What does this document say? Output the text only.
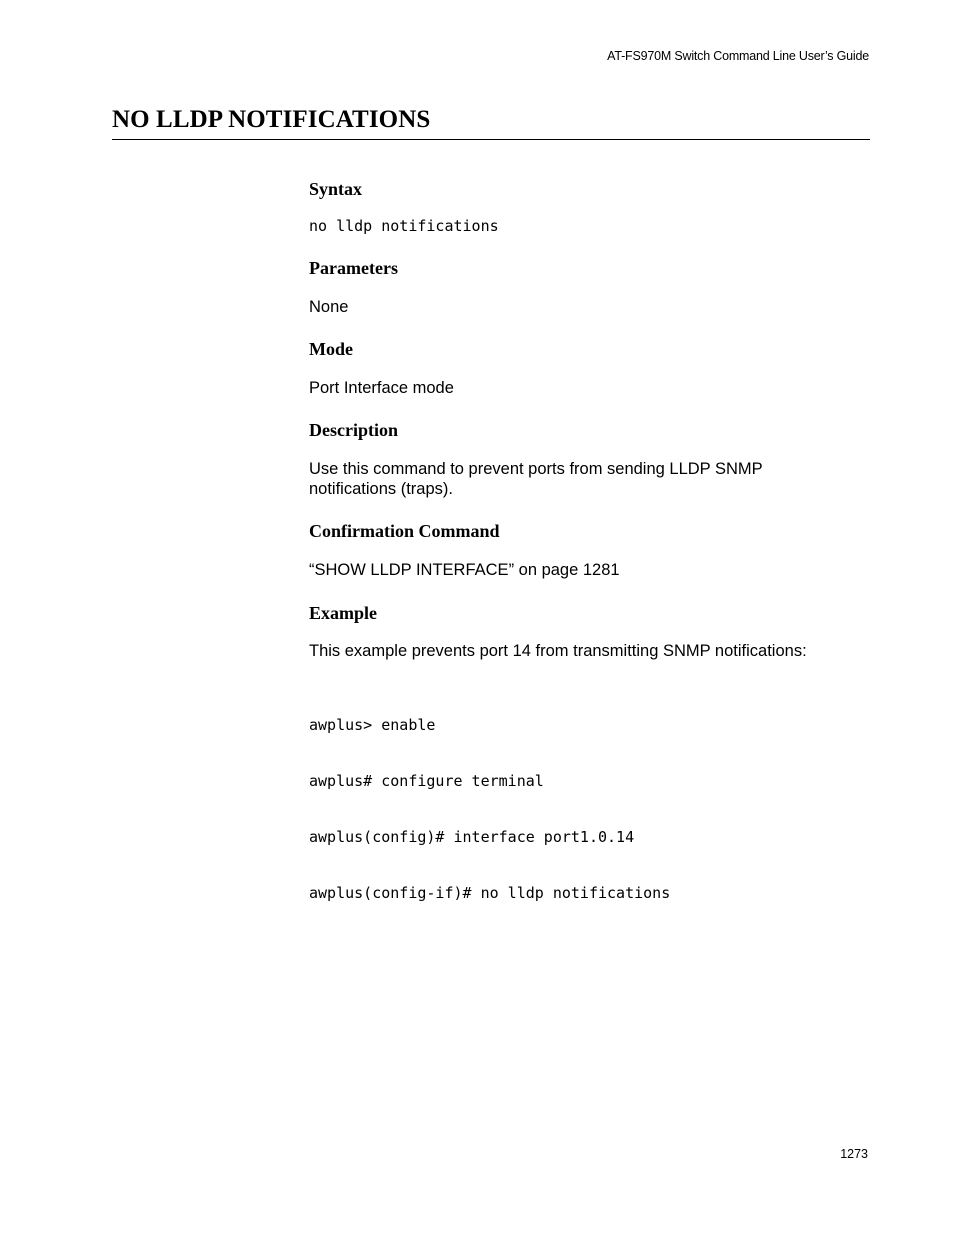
AT-FS970M Switch Command Line User’s Guide
NO LLDP NOTIFICATIONS
Syntax
no lldp notifications
Parameters

None

Mode

Port Interface mode

Description

Use this command to prevent ports from sending LLDP SNMP notifications (traps).

Confirmation Command

“SHOW LLDP INTERFACE” on page 1281

Example

This example prevents port 14 from transmitting SNMP notifications:

awplus> enable

awplus# configure terminal

awplus(config)# interface port1.0.14

awplus(config-if)# no lldp notifications

1273
